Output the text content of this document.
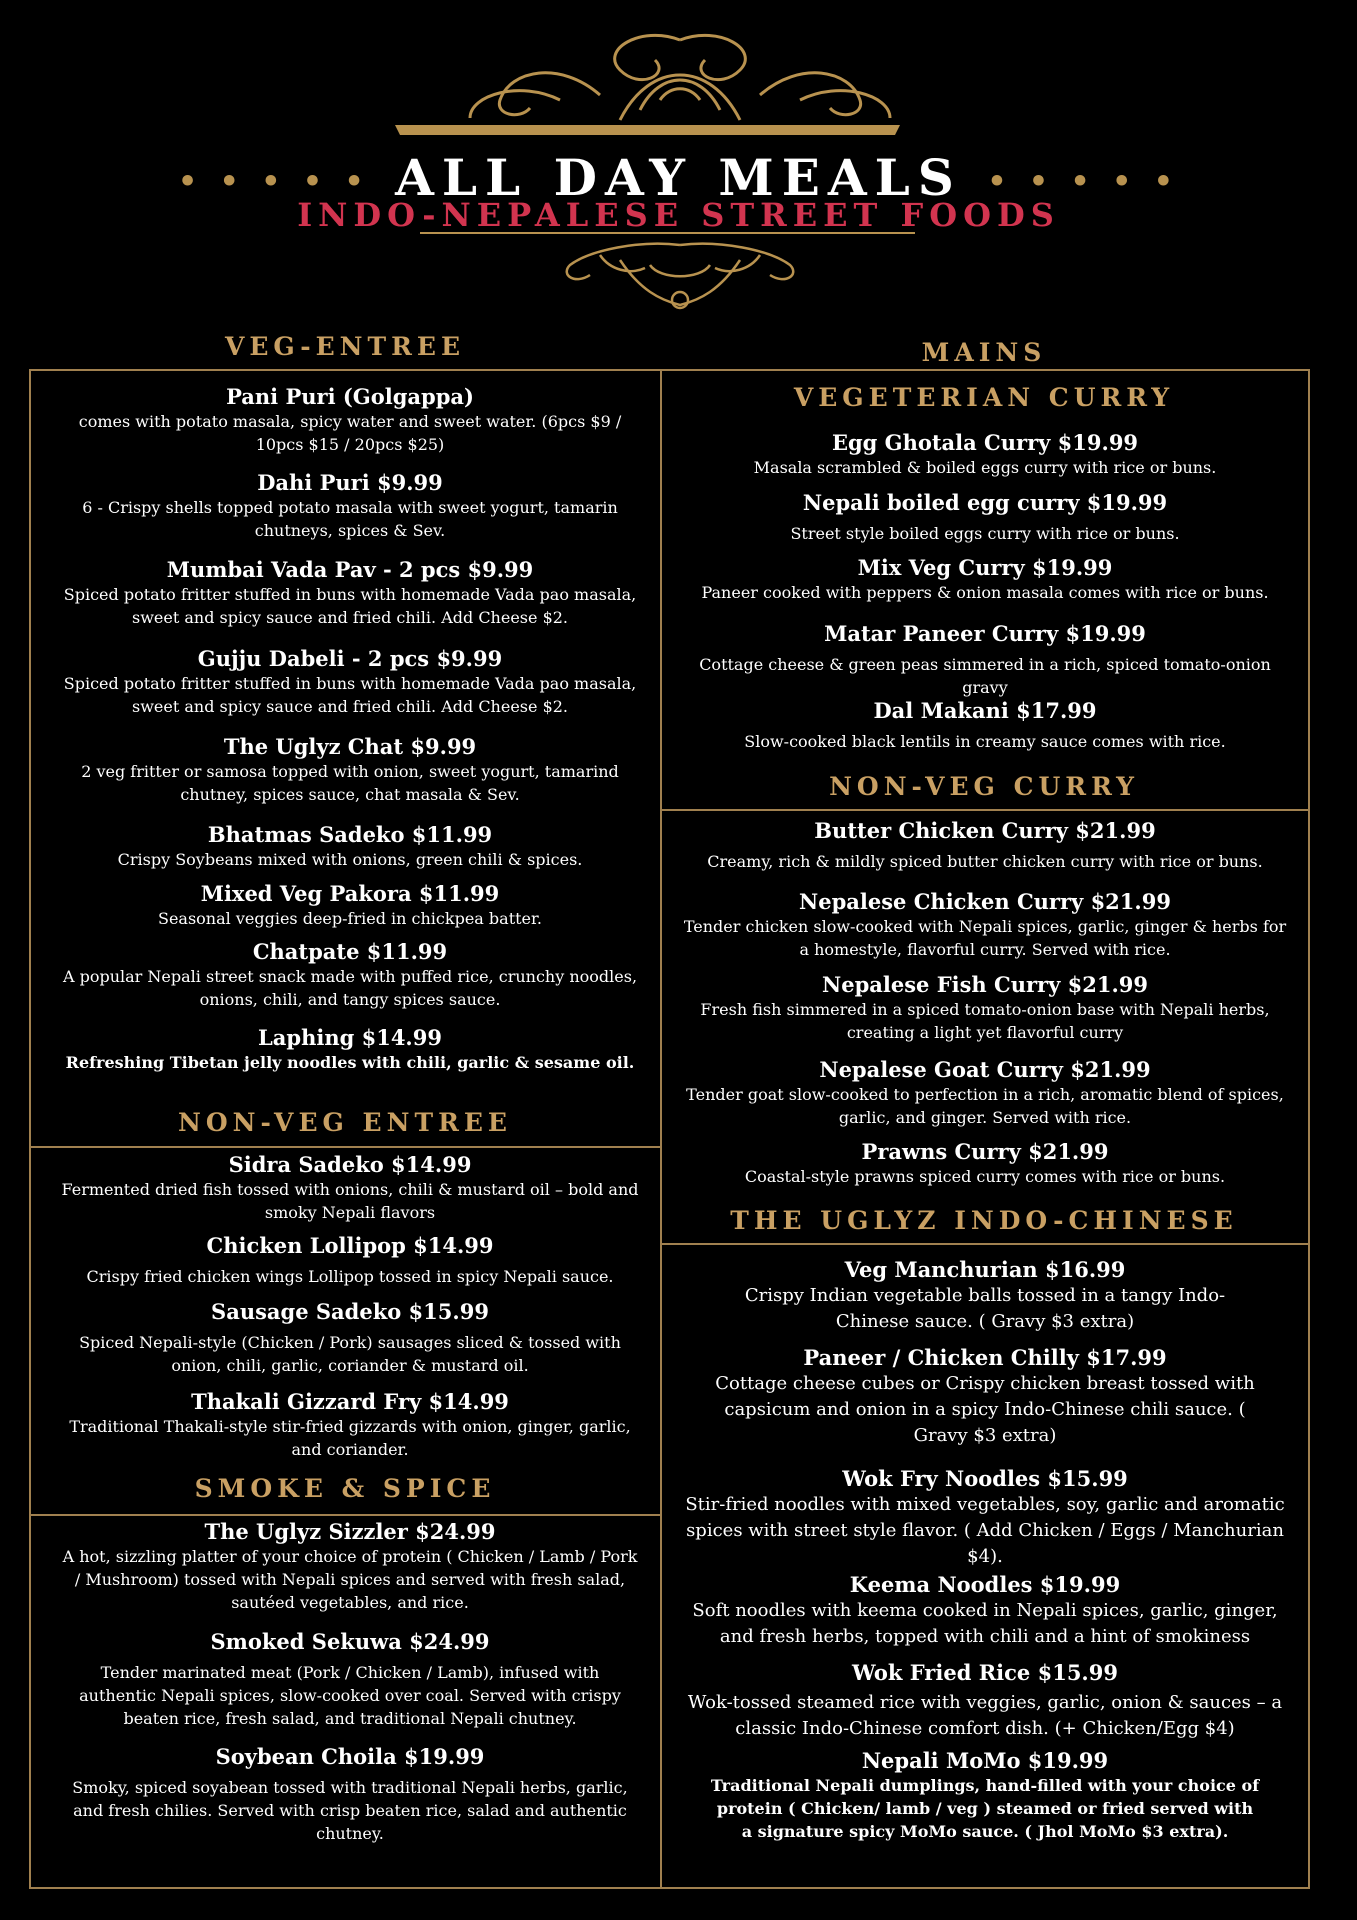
• • • • • ALL DAY MEALS • • • • •
INDO-NEPALESE STREET FOODS
VEG-ENTREE	MAINS
Pani Puri (Golgappa)
comes with potato masala, spicy water and sweet water. (6pcs $9 / 10pcs $15 / 20pcs $25)
Dahi Puri $9.99
6 - Crispy shells topped potato masala with sweet yogurt, tamarin chutneys, spices & Sev.
Mumbai Vada Pav - 2 pcs $9.99
Spiced potato fritter stuffed in buns with homemade Vada pao masala, sweet and spicy sauce and fried chili. Add Cheese $2.
Gujju Dabeli - 2 pcs $9.99
Spiced potato fritter stuffed in buns with homemade Vada pao masala, sweet and spicy sauce and fried chili. Add Cheese $2.
The Uglyz Chat $9.99
2 veg fritter or samosa topped with onion, sweet yogurt, tamarind chutney, spices sauce, chat masala & Sev.
Bhatmas Sadeko $11.99
Crispy Soybeans mixed with onions, green chili & spices.
Mixed Veg Pakora $11.99
Seasonal veggies deep-fried in chickpea batter.
Chatpate $11.99
A popular Nepali street snack made with puffed rice, crunchy noodles, onions, chili, and tangy spices sauce.
Laphing $14.99
Refreshing Tibetan jelly noodles with chili, garlic & sesame oil.
NON-VEG ENTREE
Sidra Sadeko $14.99
Fermented dried fish tossed with onions, chili & mustard oil – bold and smoky Nepali flavors
Chicken Lollipop $14.99
Crispy fried chicken wings Lollipop tossed in spicy Nepali sauce.
Sausage Sadeko $15.99
Spiced Nepali-style (Chicken / Pork) sausages sliced & tossed with onion, chili, garlic, coriander & mustard oil.
Thakali Gizzard Fry $14.99
Traditional Thakali-style stir-fried gizzards with onion, ginger, garlic, and coriander.
SMOKE & SPICE
The Uglyz Sizzler $24.99
A hot, sizzling platter of your choice of protein ( Chicken / Lamb / Pork / Mushroom) tossed with Nepali spices and served with fresh salad, sautéed vegetables, and rice.
Smoked Sekuwa $24.99
Tender marinated meat (Pork / Chicken / Lamb), infused with authentic Nepali spices, slow-cooked over coal. Served with crispy beaten rice, fresh salad, and traditional Nepali chutney.
Soybean Choila $19.99
Smoky, spiced soyabean tossed with traditional Nepali herbs, garlic, and fresh chilies. Served with crisp beaten rice, salad and authentic chutney.
VEGETERIAN CURRY
Egg Ghotala Curry $19.99
Masala scrambled & boiled eggs curry with rice or buns.
Nepali boiled egg curry $19.99
Street style boiled eggs curry with rice or buns.
Mix Veg Curry $19.99
Paneer cooked with peppers & onion masala comes with rice or buns.
Matar Paneer Curry $19.99
Cottage cheese & green peas simmered in a rich, spiced tomato-onion gravy
Dal Makani $17.99
Slow-cooked black lentils in creamy sauce comes with rice.
NON-VEG CURRY
Butter Chicken Curry $21.99
Creamy, rich & mildly spiced butter chicken curry with rice or buns.
Nepalese Chicken Curry $21.99
Tender chicken slow-cooked with Nepali spices, garlic, ginger & herbs for a homestyle, flavorful curry. Served with rice.
Nepalese Fish Curry $21.99
Fresh fish simmered in a spiced tomato-onion base with Nepali herbs, creating a light yet flavorful curry
Nepalese Goat Curry $21.99
Tender goat slow-cooked to perfection in a rich, aromatic blend of spices, garlic, and ginger. Served with rice.
Prawns Curry $21.99
Coastal-style prawns spiced curry comes with rice or buns.
THE UGLYZ INDO-CHINESE
Veg Manchurian $16.99
Crispy Indian vegetable balls tossed in a tangy Indo-Chinese sauce. ( Gravy $3 extra)
Paneer / Chicken Chilly $17.99
Cottage cheese cubes or Crispy chicken breast tossed with capsicum and onion in a spicy Indo-Chinese chili sauce. ( Gravy $3 extra)
Wok Fry Noodles $15.99
Stir-fried noodles with mixed vegetables, soy, garlic and aromatic spices with street style flavor. ( Add Chicken / Eggs / Manchurian $4).
Keema Noodles $19.99
Soft noodles with keema cooked in Nepali spices, garlic, ginger, and fresh herbs, topped with chili and a hint of smokiness
Wok Fried Rice $15.99
Wok-tossed steamed rice with veggies, garlic, onion & sauces – a classic Indo-Chinese comfort dish. (+ Chicken/Egg $4)
Nepali MoMo $19.99
Traditional Nepali dumplings, hand-filled with your choice of protein ( Chicken/ lamb / veg ) steamed or fried served with a signature spicy MoMo sauce. ( Jhol MoMo $3 extra).
